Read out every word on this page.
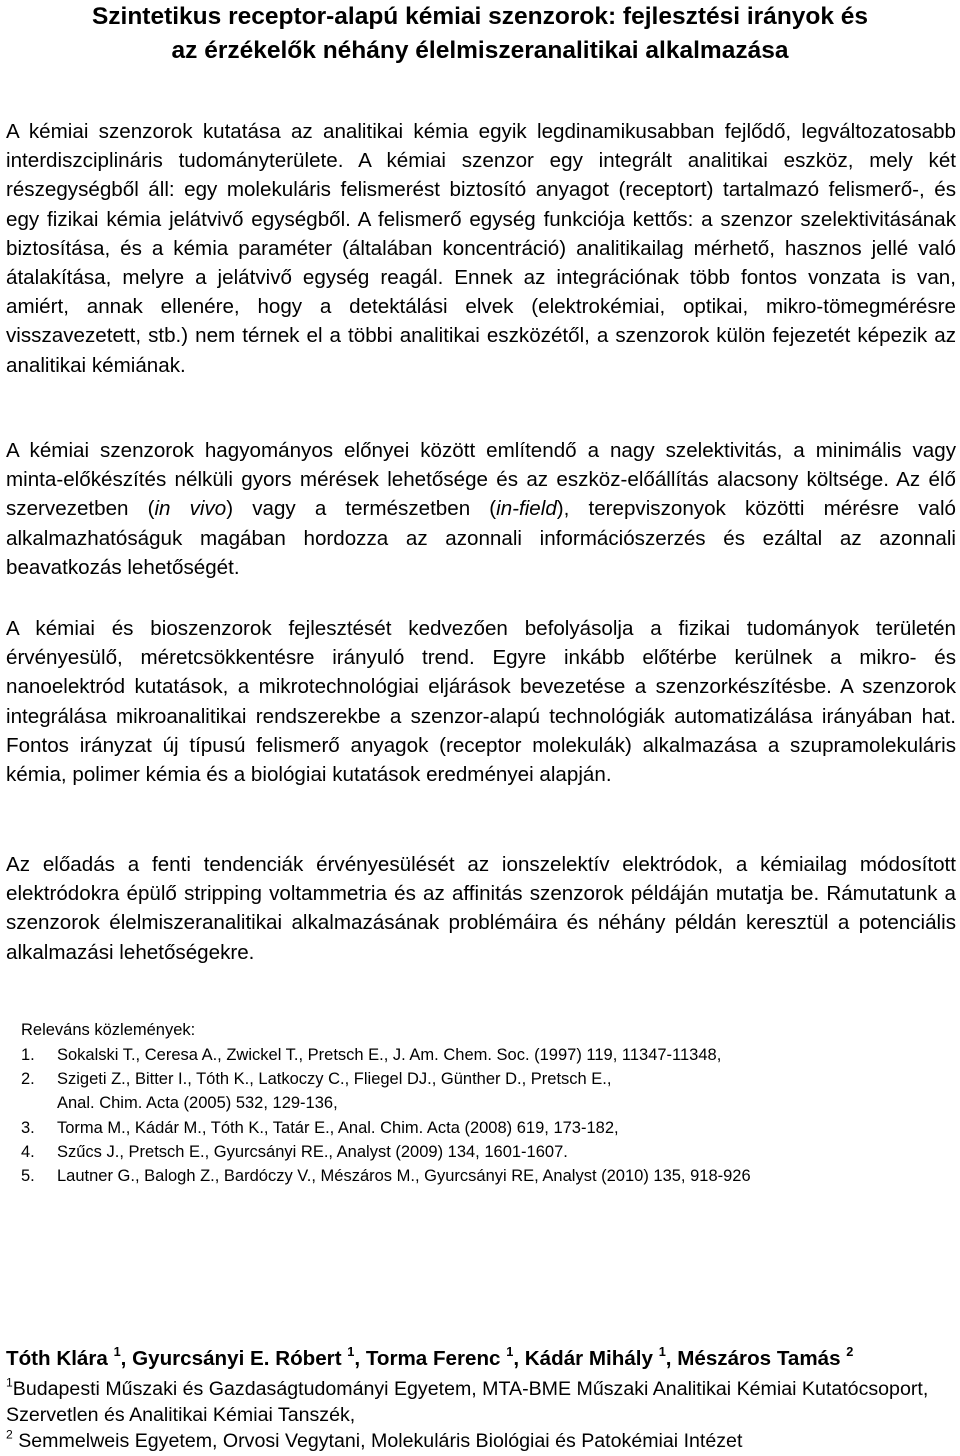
Szintetikus receptor-alapú kémiai szenzorok: fejlesztési irányok és
az érzékelők néhány élelmiszeranalitikai alkalmazása

A kémiai szenzorok kutatása az analitikai kémia egyik legdinamikusabban fejlődő, legváltozatosabb interdiszciplináris tudományterülete. A kémiai szenzor egy integrált analitikai eszköz, mely két részegységből áll: egy molekuláris felismerést biztosító anyagot (receptort) tartalmazó felismerő-, és egy fizikai kémia jelátvivő egységből. A felismerő egység funkciója kettős: a szenzor szelektivitásának biztosítása, és a kémia paraméter (általában koncentráció) analitikailag mérhető, hasznos jellé való átalakítása, melyre a jelátvivő egység reagál. Ennek az integrációnak több fontos vonzata is van, amiért, annak ellenére, hogy a detektálási elvek (elektrokémiai, optikai, mikro-tömegmérésre visszavezetett, stb.) nem térnek el a többi analitikai eszközétől, a szenzorok külön fejezetét képezik az analitikai kémiának.

A kémiai szenzorok hagyományos előnyei között említendő a nagy szelektivitás, a minimális vagy minta-előkészítés nélküli gyors mérések lehetősége és az eszköz-előállítás alacsony költsége. Az élő szervezetben (in vivo) vagy a természetben (in-field), terepviszonyok közötti mérésre való alkalmazhatóságuk magában hordozza az azonnali információszerzés és ezáltal az azonnali beavatkozás lehetőségét.

A kémiai és bioszenzorok fejlesztését kedvezően befolyásolja a fizikai tudományok területén érvényesülő, méretcsökkentésre irányuló trend. Egyre inkább előtérbe kerülnek a mikro- és nanoelektród kutatások, a mikrotechnológiai eljárások bevezetése a szenzorkészítésbe. A szenzorok integrálása mikroanalitikai rendszerekbe a szenzor-alapú technológiák automatizálása irányában hat. Fontos irányzat új típusú felismerő anyagok (receptor molekulák) alkalmazása a szupramolekuláris kémia, polimer kémia és a biológiai kutatások eredményei alapján.

Az előadás a fenti tendenciák érvényesülését az ionszelektív elektródok, a kémiailag módosított elektródokra épülő stripping voltammetria és az affinitás szenzorok példáján mutatja be. Rámutatunk a szenzorok élelmiszeranalitikai alkalmazásának problémáira és néhány példán keresztül a potenciális alkalmazási lehetőségekre.

Releváns közlemények:

1.	Sokalski T., Ceresa A., Zwickel T., Pretsch E., J. Am. Chem. Soc. (1997) 119, 11347-11348,
2.	Szigeti Z., Bitter I., Tóth K., Latkoczy C., Fliegel DJ., Günther D., Pretsch E.,
Anal. Chim. Acta (2005) 532, 129-136,
3.	Torma M., Kádár M., Tóth K., Tatár E., Anal. Chim. Acta (2008) 619, 173-182,
4.	Szűcs J., Pretsch E., Gyurcsányi RE., Analyst (2009) 134, 1601-1607.
5.	Lautner G., Balogh Z., Bardóczy V., Mészáros M., Gyurcsányi RE, Analyst (2010) 135, 918-926

Tóth Klára $^1$, Gyurcsányi E. Róbert $^1$, Torma Ferenc $^1$, Kádár Mihály $^1$, Mészáros Tamás $^2$

$^1$Budapesti Műszaki és Gazdaságtudományi Egyetem, MTA-BME Műszaki Analitikai Kémiai Kutatócsoport, Szervetlen és Analitikai Kémiai Tanszék,

$^2$ Semmelweis Egyetem, Orvosi Vegytani, Molekuláris Biológiai és Patokémiai Intézet
